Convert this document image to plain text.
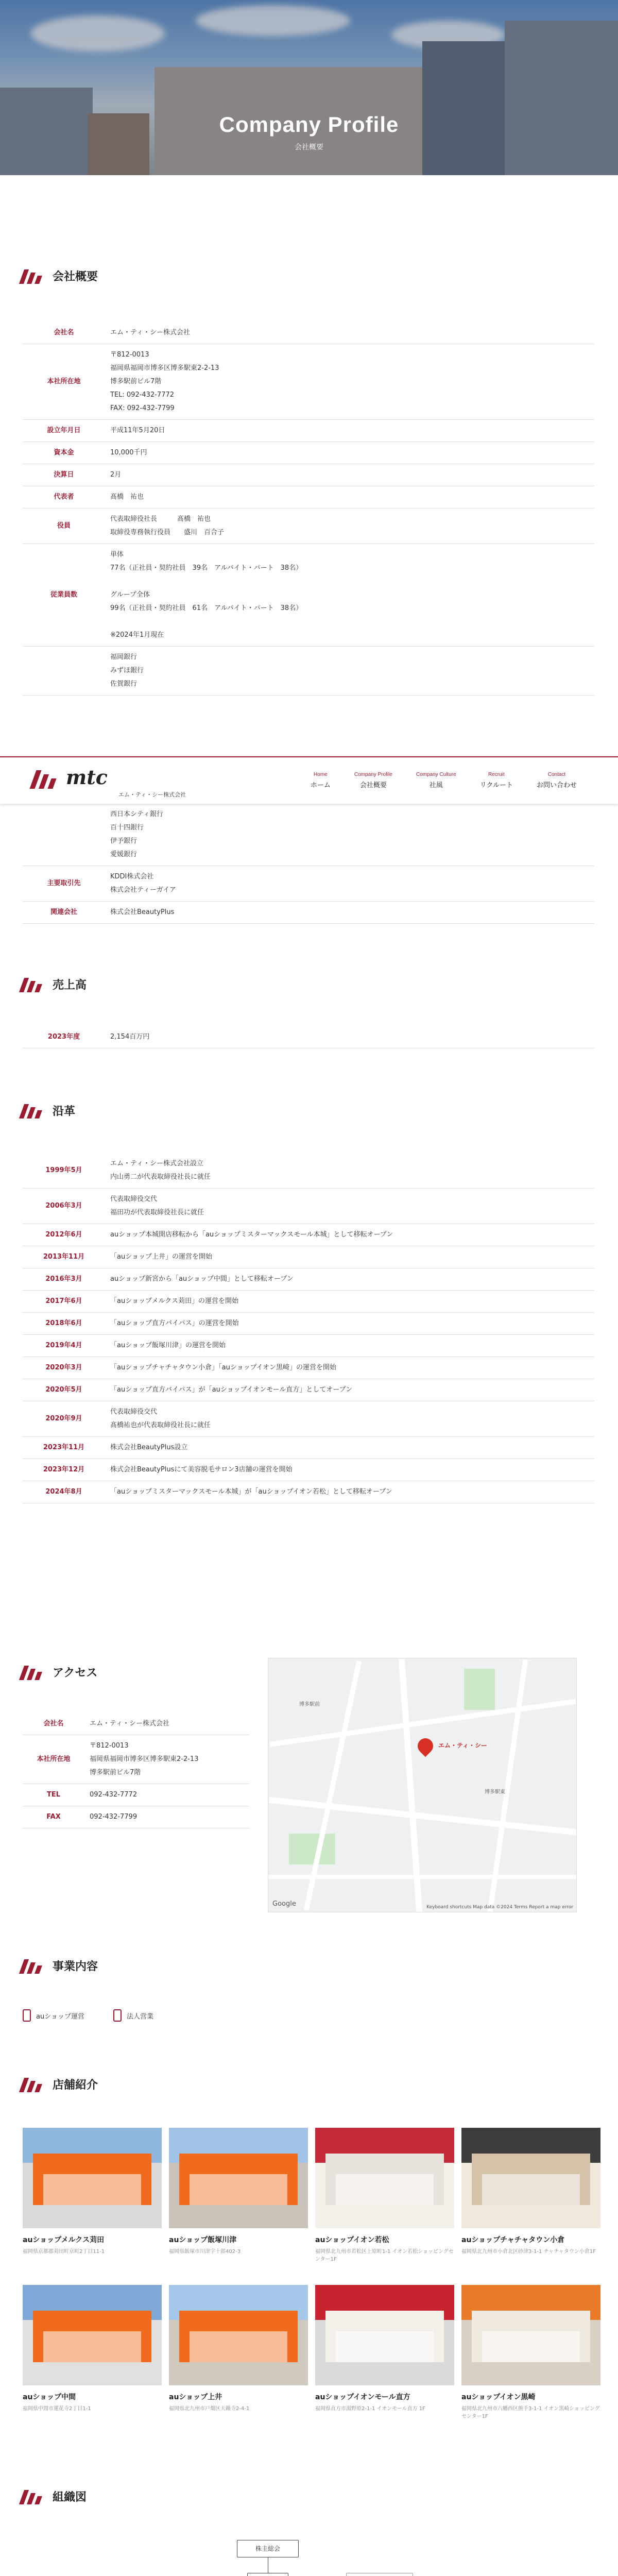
Company Profile
会社概要
会社概要
会社名	エム・ティ・シー株式会社

本社所在地	〒812-0013
福岡県福岡市博多区博多駅東2-2-13
博多駅前ビル7階
TEL: 092-432-7772
FAX: 092-432-7799

設立年月日	平成11年5月20日

資本金	10,000千円

決算日	2月

代表者	髙橋　祐也

役員	代表取締役社長　　　髙橋　祐也
取締役専務執行役員　　盛川　百合子

従業員数	単体
77名（正社員・契約社員　39名　アルバイト・パート　38名）
グループ全体
99名（正社員・契約社員　61名　アルバイト・パート　38名）
※2024年1月現在

	福岡銀行
みずほ銀行
佐賀銀行
mtc
エム・ティ・シー株式会社
Home
ホーム
Company Profile
会社概要
Company Culture
社風
Recruit
リクルート
Contact
お問い合わせ

	西日本シティ銀行
百十四銀行
伊予銀行
愛媛銀行

主要取引先	KDDI株式会社
株式会社ティーガイア

関連会社	株式会社BeautyPlus
売上高
2023年度	2,154百万円
沿革
1999年5月	エム・ティ・シー株式会社設立
内山勇二が代表取締役社長に就任

2006年3月	代表取締役交代
福田功が代表取締役社長に就任

2012年6月	auショップ本城開店移転から「auショップミスターマックスモール本城」として移転オープン

2013年11月	「auショップ上井」の運営を開始

2016年3月	auショップ新宮から「auショップ中間」として移転オープン

2017年6月	「auショップメルクス苅田」の運営を開始

2018年6月	「auショップ直方バイパス」の運営を開始

2019年4月	「auショップ飯塚川津」の運営を開始

2020年3月	「auショップチャチャタウン小倉」「auショップイオン黒崎」の運営を開始

2020年5月	「auショップ直方バイパス」が「auショップイオンモール直方」としてオープン

2020年9月	代表取締役交代
髙橋祐也が代表取締役社長に就任

2023年11月	株式会社BeautyPlus設立

2023年12月	株式会社BeautyPlusにて美容脱毛サロン3店舗の運営を開始

2024年8月	「auショップミスターマックスモール本城」が「auショップイオン若松」として移転オープン
アクセス
会社名	エム・ティ・シー株式会社

本社所在地	〒812-0013
福岡県福岡市博多区博多駅東2-2-13
博多駅前ビル7階

TEL	092-432-7772

FAX	092-432-7799
博多駅前
博多駅東
エム・ティ・シー
Google	Keyboard shortcuts Map data ©2024 Terms Report a map error
事業内容
auショップ運営	法人営業
店舗紹介
auショップメルクス苅田
福岡県京都郡苅田町京町2丁目11-1
auショップ飯塚川津
福岡県飯塚市川津字十郎402-3
auショップイオン若松
福岡県北九州市若松区上原町1-1 イオン若松ショッピングセンター1F
auショップチャチャタウン小倉
福岡県北九州市小倉北区砂津3-1-1 チャチャタウン小倉1F
auショップ中間
福岡県中間市蓮花寺2丁目1-1
auショップ上井
福岡県北九州市戸畑区天籟寺2-4-1
auショップイオンモール直方
福岡県直方市湯野原2-1-1 イオンモール直方 1F
auショップイオン黒崎
福岡県北九州市八幡西区熊手3-1-1 イオン黒崎ショッピングセンター1F
組織図
株主総会
